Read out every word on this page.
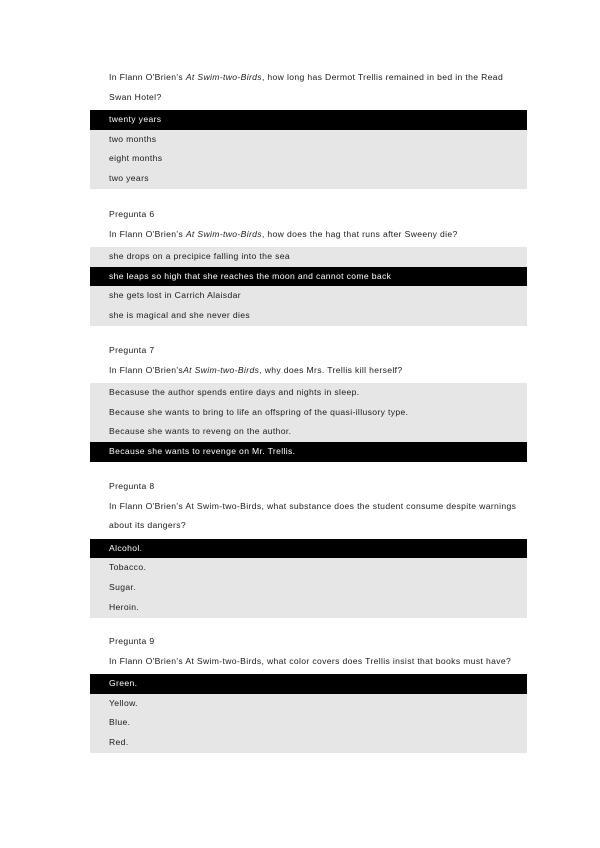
In Flann O'Brien's At Swim-two-Birds, how long has Dermot Trellis remained in bed in the Read Swan Hotel?
twenty years
two months
eight months
two years
Pregunta 6
In Flann O'Brien's At Swim-two-Birds, how does the hag that runs after Sweeny die?
she drops on a precipice falling into the sea
she leaps so high that she reaches the moon and cannot come back
she gets lost in Carrich Alaisdar
she is magical and she never dies
Pregunta 7
In Flann O'Brien'sAt Swim-two-Birds, why does Mrs. Trellis kill herself?
Becasuse the author spends entire days and nights in sleep.
Because she wants to bring to life an offspring of the quasi-illusory type.
Because she wants to reveng on the author.
Because she wants to revenge on Mr. Trellis.
Pregunta 8
In Flann O'Brien's At Swim-two-Birds, what substance does the student consume despite warnings about its dangers?
Alcohol.
Tobacco.
Sugar.
Heroin.
Pregunta 9
In Flann O'Brien's At Swim-two-Birds, what color covers does Trellis insist that books must have?
Green.
Yellow.
Blue.
Red.
